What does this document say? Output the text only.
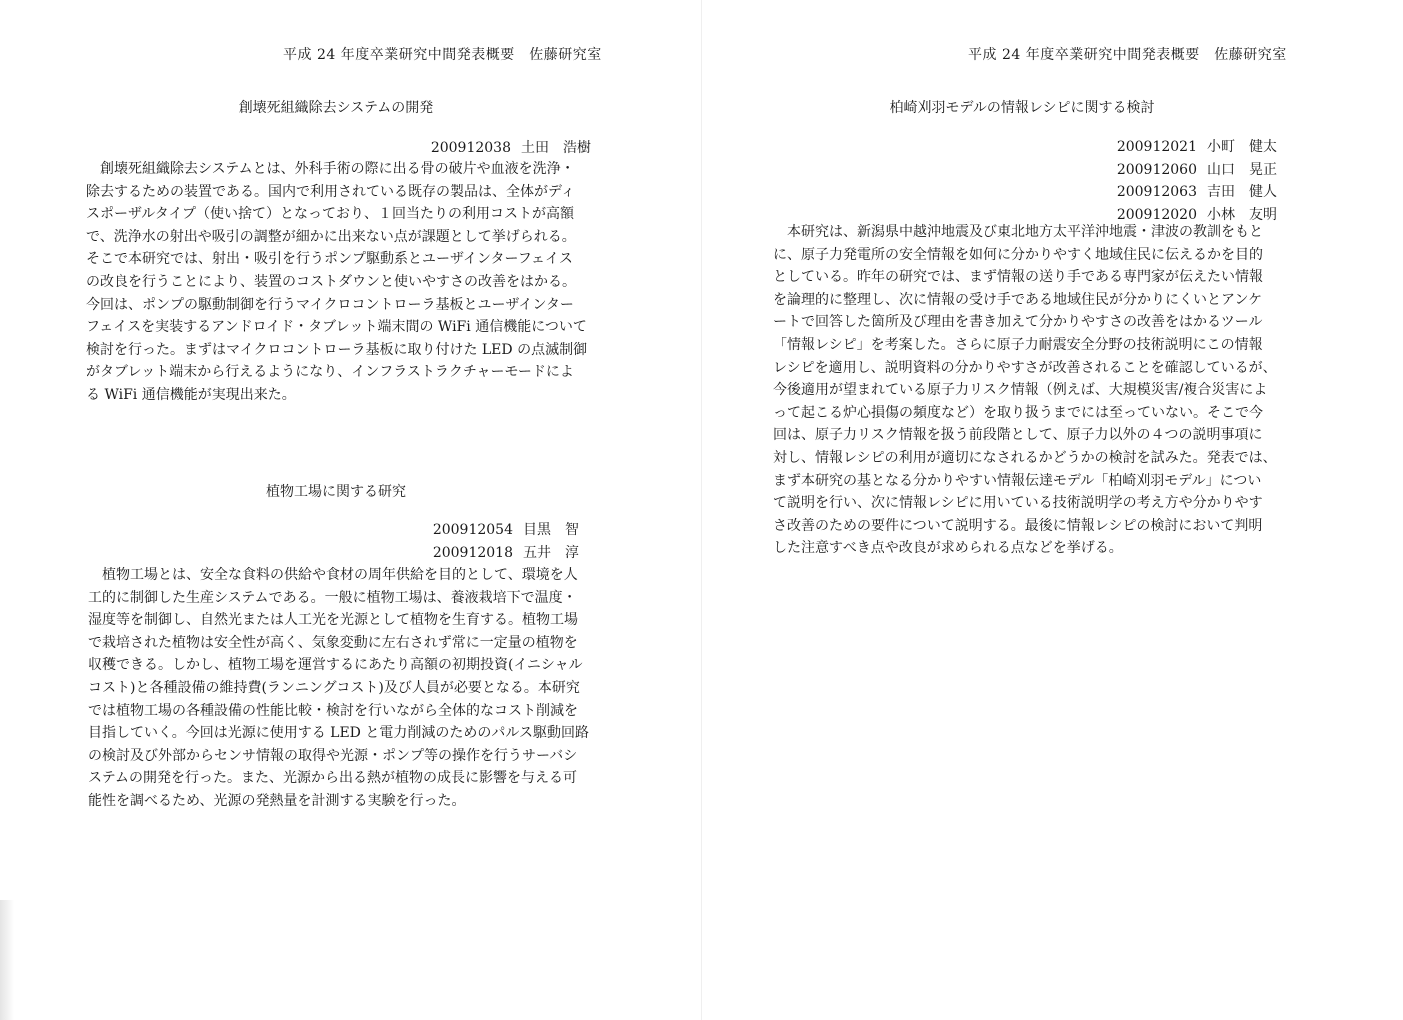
平成 24 年度卒業研究中間発表概要　佐藤研究室
創壊死組織除去システムの開発
200912038 土田　浩樹
　創壊死組織除去システムとは、外科手術の際に出る骨の破片や血液を洗浄・
除去するための装置である。国内で利用されている既存の製品は、全体がディ
スポーザルタイプ（使い捨て）となっており、１回当たりの利用コストが高額
で、洗浄水の射出や吸引の調整が細かに出来ない点が課題として挙げられる。
そこで本研究では、射出・吸引を行うポンプ駆動系とユーザインターフェイス
の改良を行うことにより、装置のコストダウンと使いやすさの改善をはかる。
今回は、ポンプの駆動制御を行うマイクロコントローラ基板とユーザインター
フェイスを実装するアンドロイド・タブレット端末間の WiFi 通信機能について
検討を行った。まずはマイクロコントローラ基板に取り付けた LED の点滅制御
がタブレット端末から行えるようになり、インフラストラクチャーモードによ
る WiFi 通信機能が実現出来た。
植物工場に関する研究
200912054 目黒　智
200912018 五井　淳
　植物工場とは、安全な食料の供給や食材の周年供給を目的として、環境を人
工的に制御した生産システムである。一般に植物工場は、養液栽培下で温度・
湿度等を制御し、自然光または人工光を光源として植物を生育する。植物工場
で栽培された植物は安全性が高く、気象変動に左右されず常に一定量の植物を
収穫できる。しかし、植物工場を運営するにあたり高額の初期投資(イニシャル
コスト)と各種設備の維持費(ランニングコスト)及び人員が必要となる。本研究
では植物工場の各種設備の性能比較・検討を行いながら全体的なコスト削減を
目指していく。今回は光源に使用する LED と電力削減のためのパルス駆動回路
の検討及び外部からセンサ情報の取得や光源・ポンプ等の操作を行うサーバシ
ステムの開発を行った。また、光源から出る熱が植物の成長に影響を与える可
能性を調べるため、光源の発熱量を計測する実験を行った。
平成 24 年度卒業研究中間発表概要　佐藤研究室
柏崎刈羽モデルの情報レシピに関する検討
200912021 小町　健太
200912060 山口　晃正
200912063 吉田　健人
200912020 小林　友明
　本研究は、新潟県中越沖地震及び東北地方太平洋沖地震・津波の教訓をもと
に、原子力発電所の安全情報を如何に分かりやすく地域住民に伝えるかを目的
としている。昨年の研究では、まず情報の送り手である専門家が伝えたい情報
を論理的に整理し、次に情報の受け手である地域住民が分かりにくいとアンケ
ートで回答した箇所及び理由を書き加えて分かりやすさの改善をはかるツール
「情報レシピ」を考案した。さらに原子力耐震安全分野の技術説明にこの情報
レシピを適用し、説明資料の分かりやすさが改善されることを確認しているが、
今後適用が望まれている原子力リスク情報（例えば、大規模災害/複合災害によ
って起こる炉心損傷の頻度など）を取り扱うまでには至っていない。そこで今
回は、原子力リスク情報を扱う前段階として、原子力以外の４つの説明事項に
対し、情報レシピの利用が適切になされるかどうかの検討を試みた。発表では、
まず本研究の基となる分かりやすい情報伝達モデル「柏崎刈羽モデル」につい
て説明を行い、次に情報レシピに用いている技術説明学の考え方や分かりやす
さ改善のための要件について説明する。最後に情報レシピの検討において判明
した注意すべき点や改良が求められる点などを挙げる。
